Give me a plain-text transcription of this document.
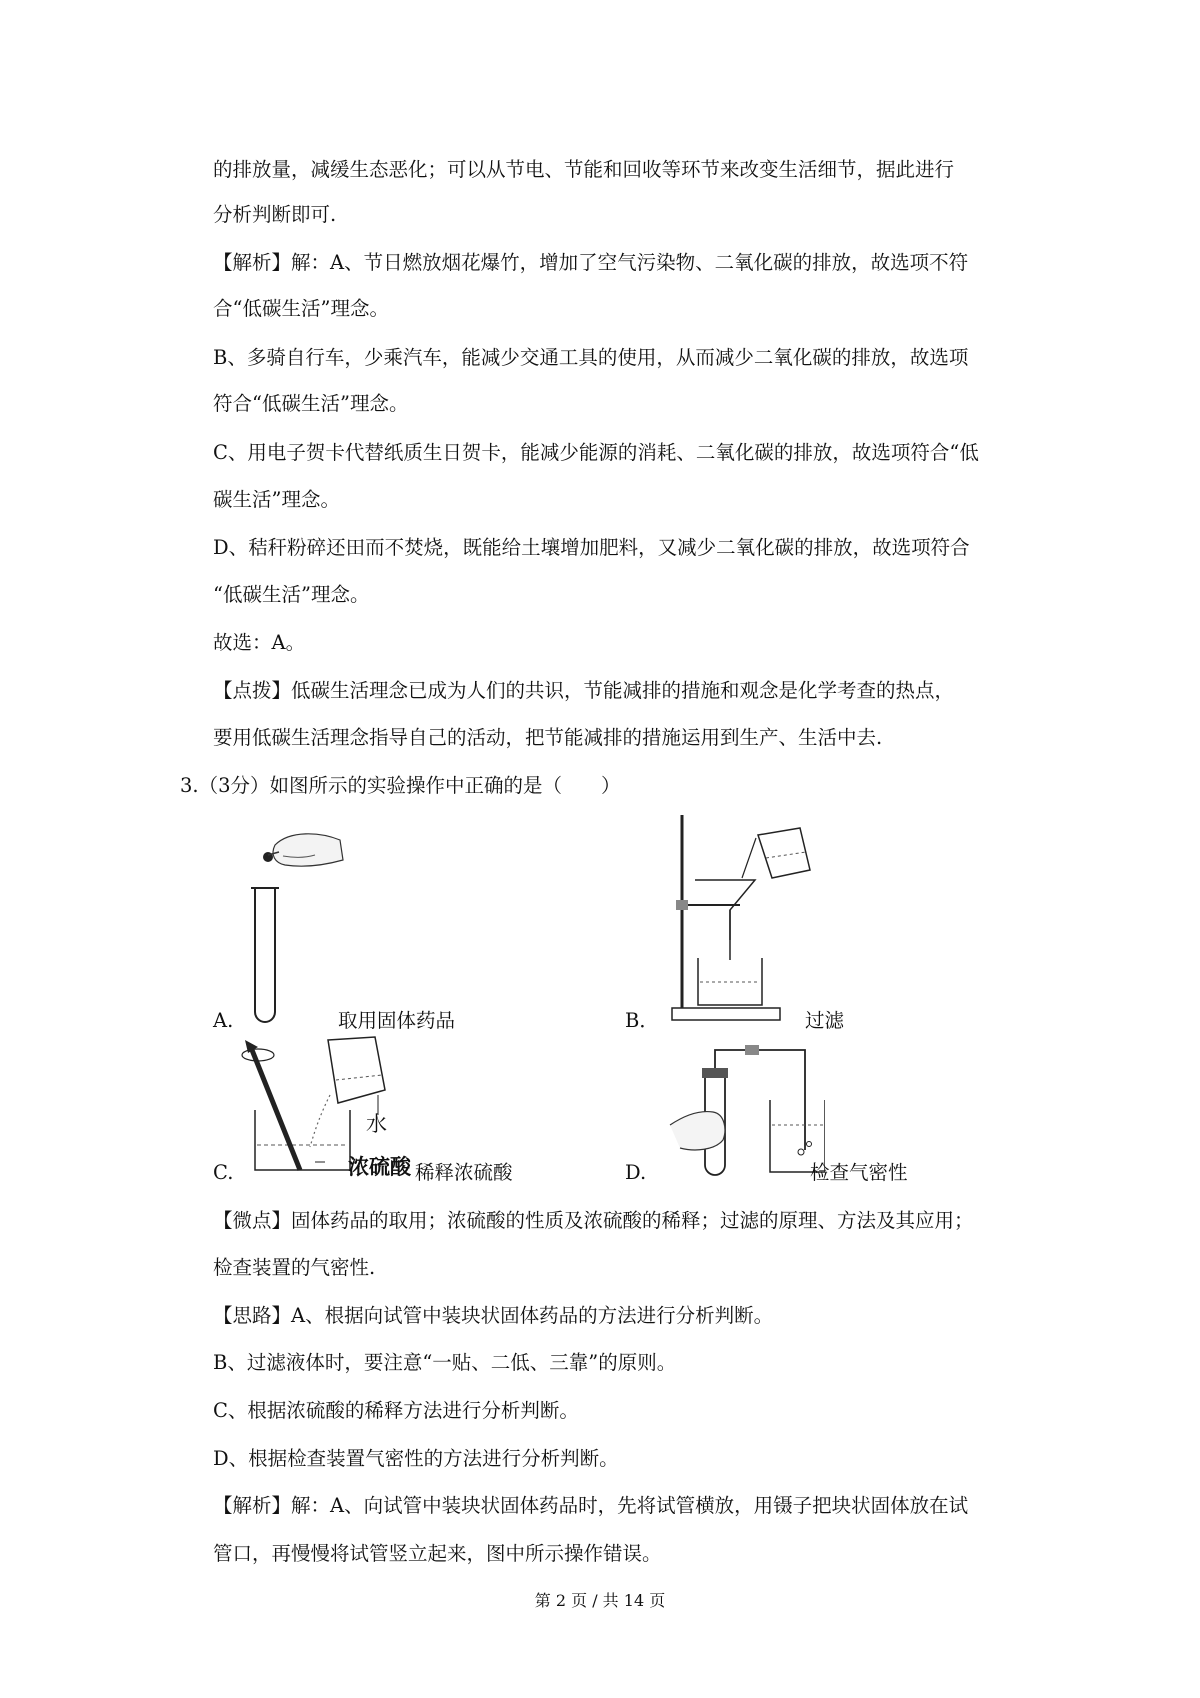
的排放量，减缓生态恶化；可以从节电、节能和回收等环节来改变生活细节，据此进行
分析判断即可.
【解析】解：A、节日燃放烟花爆竹，增加了空气污染物、二氧化碳的排放，故选项不符
合“低碳生活”理念。
B、多骑自行车，少乘汽车，能减少交通工具的使用，从而减少二氧化碳的排放，故选项
符合“低碳生活”理念。
C、用电子贺卡代替纸质生日贺卡，能减少能源的消耗、二氧化碳的排放，故选项符合“低
碳生活”理念。
D、秸秆粉碎还田而不焚烧，既能给土壤增加肥料，又减少二氧化碳的排放，故选项符合
“低碳生活”理念。
故选：A。
【点拨】低碳生活理念已成为人们的共识，节能减排的措施和观念是化学考查的热点，
要用低碳生活理念指导自己的活动，把节能减排的措施运用到生产、生活中去.
3.（3分）如图所示的实验操作中正确的是（　　）
A.	取用固体药品	B．	过滤
水
浓硫酸
C.	稀释浓硫酸	D.	检查气密性
【微点】固体药品的取用；浓硫酸的性质及浓硫酸的稀释；过滤的原理、方法及其应用；
检查装置的气密性.
【思路】A、根据向试管中装块状固体药品的方法进行分析判断。
B、过滤液体时，要注意“一贴、二低、三靠”的原则。
C、根据浓硫酸的稀释方法进行分析判断。
D、根据检查装置气密性的方法进行分析判断。
【解析】解：A、向试管中装块状固体药品时，先将试管横放，用镊子把块状固体放在试
管口，再慢慢将试管竖立起来，图中所示操作错误。
第 2 页 / 共 14 页
